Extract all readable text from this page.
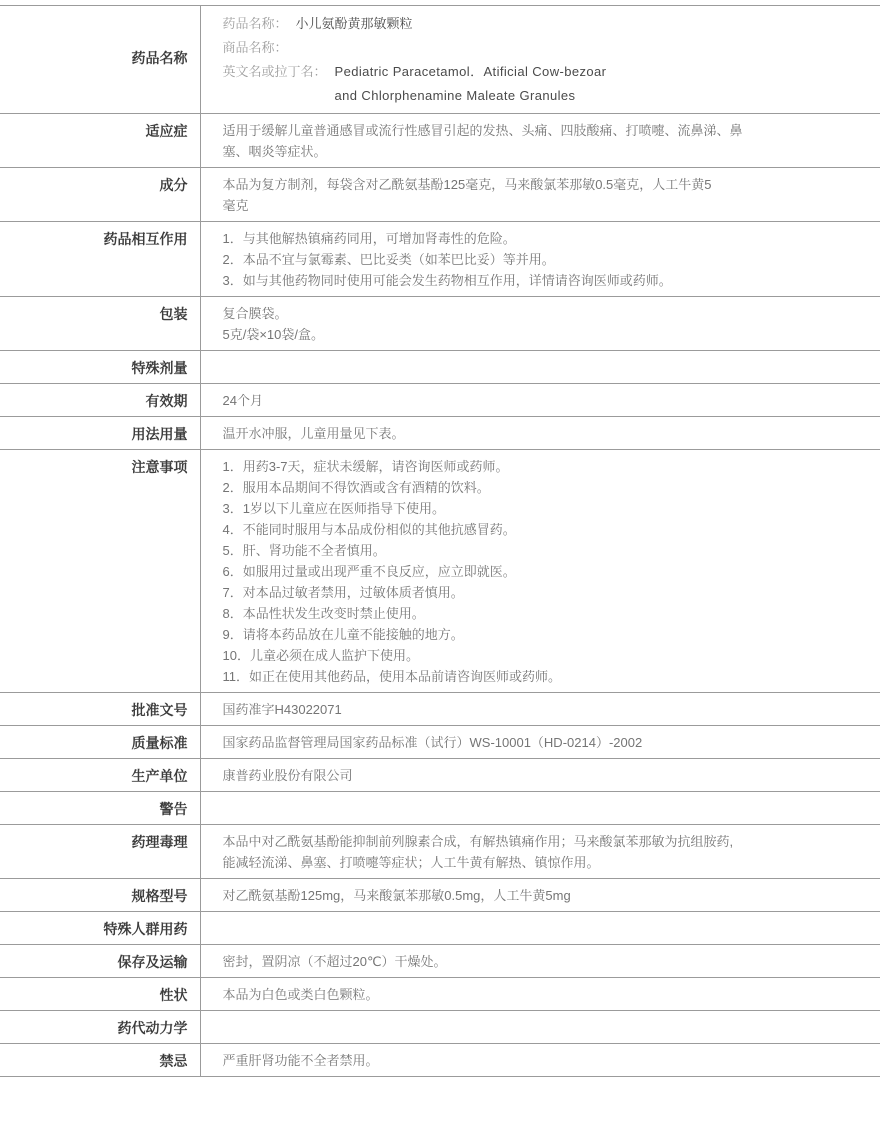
药品名称	药品名称： 小儿氨酚黄那敏颗粒
商品名称：
英文名或拉丁名： Pediatric Paracetamol．Atificial Cow-bezoar
and Chlorphenamine Maleate Granules

适应症	适用于缓解儿童普通感冒或流行性感冒引起的发热、头痛、四肢酸痛、打喷嚏、流鼻涕、鼻
塞、咽炎等症状。

成分	本品为复方制剂，每袋含对乙酰氨基酚125毫克，马来酸氯苯那敏0.5毫克，人工牛黄5
毫克

药品相互作用	1．与其他解热镇痛药同用，可增加肾毒性的危险。
2．本品不宜与氯霉素、巴比妥类（如苯巴比妥）等并用。
3．如与其他药物同时使用可能会发生药物相互作用，详情请咨询医师或药师。

包装	复合膜袋。
5克/袋×10袋/盒。

特殊剂量	
有效期	24个月

用法用量	温开水冲服，儿童用量见下表。

注意事项	1．用药3-7天，症状未缓解，请咨询医师或药师。
2．服用本品期间不得饮酒或含有酒精的饮料。
3．1岁以下儿童应在医师指导下使用。
4．不能同时服用与本品成份相似的其他抗感冒药。
5．肝、肾功能不全者慎用。
6．如服用过量或出现严重不良反应，应立即就医。
7．对本品过敏者禁用，过敏体质者慎用。
8．本品性状发生改变时禁止使用。
9．请将本药品放在儿童不能接触的地方。
10．儿童必须在成人监护下使用。
11．如正在使用其他药品，使用本品前请咨询医师或药师。

批准文号	国药准字H43022071

质量标准	国家药品监督管理局国家药品标准（试行）WS-10001（HD-0214）-2002

生产单位	康普药业股份有限公司

警告	
药理毒理	本品中对乙酰氨基酚能抑制前列腺素合成，有解热镇痛作用；马来酸氯苯那敏为抗组胺药,
能减轻流涕、鼻塞、打喷嚏等症状；人工牛黄有解热、镇惊作用。

规格型号	对乙酰氨基酚125mg，马来酸氯苯那敏0.5mg，人工牛黄5mg

特殊人群用药	
保存及运输	密封，置阴凉（不超过20℃）干燥处。

性状	本品为白色或类白色颗粒。

药代动力学	
禁忌	严重肝肾功能不全者禁用。
